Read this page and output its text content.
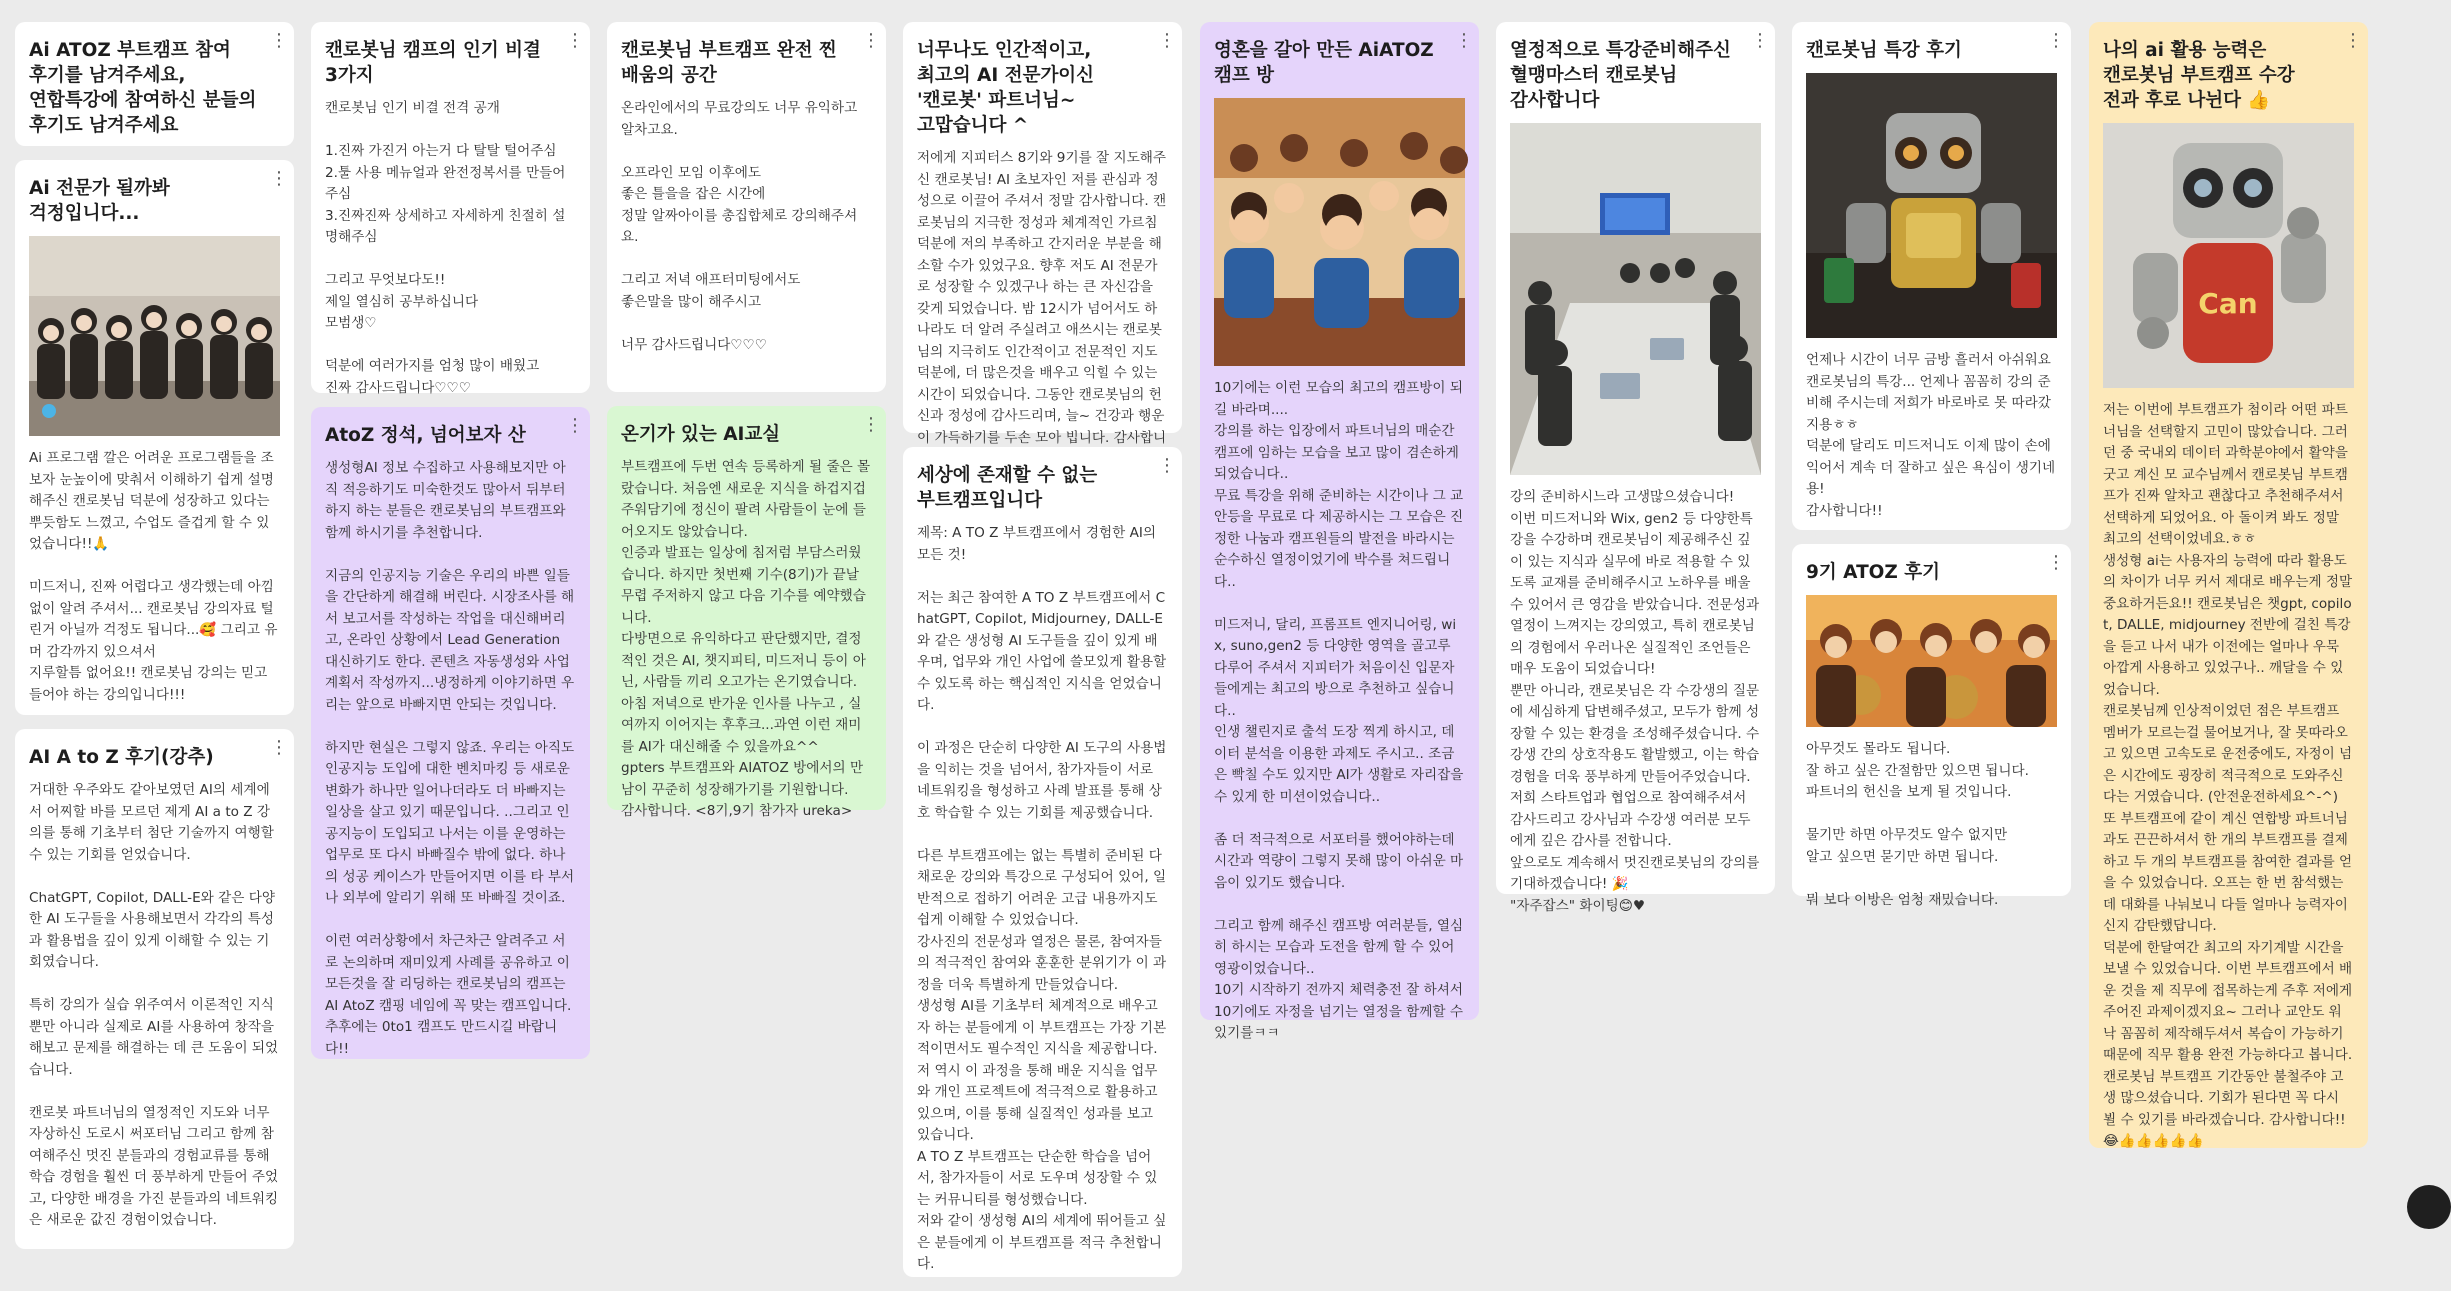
⋮
Ai ATOZ 부트캠프 참여 후기를 남겨주세요, 연합특강에 참여하신 분들의 후기도 남겨주세요
⋮
Ai 전문가 될까봐 걱정입니다...

Ai 프로그램 깔은 어려운 프로그램들을 조보자 눈높이에 맞춰서 이해하기 쉽게 설명해주신 캔로봇님 덕분에 성장하고 있다는 뿌듯함도 느꼈고, 수업도 즐겁게 할 수 있었습니다!!🙏

미드저니, 진짜 어렵다고 생각했는데 아낌없이 알려 주셔서... 캔로봇님 강의자료 털린거 아닐까 걱정도 됩니다...🥰 그리고 유머 감각까지 있으셔서
지루할틈 없어요!! 캔로봇님 강의는 믿고 들어야 하는 강의입니다!!!

⋮
AI A to Z 후기(강추)

거대한 우주와도 같아보였던 AI의 세계에서 어찌할 바를 모르던 제게 AI a to Z 강의를 통해 기초부터 첨단 기술까지 여행할 수 있는 기회를 얻었습니다.

ChatGPT, Copilot, DALL-E와 같은 다양한 AI 도구들을 사용해보면서 각각의 특성과 활용법을 깊이 있게 이해할 수 있는 기회였습니다.

특히 강의가 실습 위주여서 이론적인 지식뿐만 아니라 실제로 AI를 사용하여 창작을 해보고 문제를 해결하는 데 큰 도움이 되었습니다.

캔로봇 파트너님의 열정적인 지도와 너무 자상하신 도로시 써포터님 그리고 함께 참여해주신 멋진 분들과의 경험교류를 통해 학습 경험을 훨씬 더 풍부하게 만들어 주었고, 다양한 배경을 가진 분들과의 네트워킹은 새로운 값진 경험이었습니다.

⋮
캔로봇님 캠프의 인기 비결 3가지

캔로봇님 인기 비결 전격 공개

1.진짜 가진거 아는거 다 탈탈 털어주심
2.툴 사용 메뉴얼과 완전정복서를 만들어주심
3.진짜진짜 상세하고 자세하게 친절히 설명해주심

그리고 무엇보다도!!
제일 열심히 공부하십니다
모범생♡

덕분에 여러가지를 엄청 많이 배웠고
진짜 감사드립니다♡♡♡

⋮
AtoZ 정석, 넘어보자 산

생성형AI 정보 수집하고 사용해보지만 아직 적응하기도 미숙한것도 많아서 뒤부터 하지 하는 분들은 캔로봇님의 부트캠프와 함께 하시기를 추천합니다.

지금의 인공지능 기술은 우리의 바쁜 일들을 간단하게 해결해 버린다. 시장조사를 해서 보고서를 작성하는 작업을 대신해버리고, 온라인 상황에서 Lead Generation 대신하기도 한다. 콘텐츠 자동생성와 사업계획서 작성까지...냉정하게 이야기하면 우리는 앞으로 바빠지면 안되는 것입니다.

하지만 현실은 그렇지 않죠. 우리는 아직도 인공지능 도입에 대한 벤치마킹 등 새로운 변화가 하나만 일어나더라도 더 바빠지는 일상을 살고 있기 때문입니다. ..그리고 인공지능이 도입되고 나서는 이를 운영하는 업무로 또 다시 바빠질수 밖에 없다. 하나의 성공 케이스가 만들어지면 이를 타 부서나 외부에 알리기 위해 또 바빠질 것이죠.

이런 여러상황에서 차근차근 알려주고 서로 논의하며 재미있게 사례를 공유하고 이 모든것을 잘 리딩하는 캔로봇님의 캠프는 AI AtoZ 캠핑 네임에 꼭 맞는 캠프입니다. 추후에는 0to1 캠프도 만드시길 바랍니다!!

⋮
캔로봇님 부트캠프 완전 찐 배움의 공간

온라인에서의 무료강의도 너무 유익하고 알차고요.

오프라인 모임 이후에도
좋은 틀을을 잡은 시간에
정말 알짜아이를 총집합체로 강의해주셔요.

그리고 저녁 애프터미팅에서도
좋은말을 많이 해주시고

너무 감사드립니다♡♡♡

⋮
온기가 있는 AI교실

부트캠프에 두번 연속 등록하게 될 줄은 몰랐습니다. 처음엔 새로운 지식을 하겁지겁 주워담기에 정신이 팔려 사람들이 눈에 들어오지도 않았습니다.
인증과 발표는 일상에 침저럼 부담스러웠습니다. 하지만 첫번째 기수(8기)가 끝날 무렵 주저하지 않고 다음 기수를 예약했습니다.
다방면으로 유익하다고 판단했지만, 결정적인 것은 AI, 챗지피티, 미드저니 등이 아닌, 사람들 끼리 오고가는 온기였습니다.
아침 저녁으로 반가운 인사를 나누고 , 실여까지 이어지는 후후크...과연 이런 재미를 AI가 대신해줄 수 있을까요^^
gpters 부트캠프와 AIATOZ 방에서의 만남이 꾸준히 성장해가기를 기원합니다.
감사합니다. <8기,9기 참가자 ureka>

⋮
너무나도 인간적이고, 최고의 AI 전문가이신 '캔로봇' 파트너님~ 고맙습니다 ^

저에게 지피터스 8기와 9기를 잘 지도해주신 캔로봇님! AI 초보자인 저를 관심과 정성으로 이끌어 주셔서 정말 감사합니다. 캔로봇님의 지극한 정성과 체계적인 가르침 덕분에 저의 부족하고 간지러운 부분을 해소할 수가 있었구요. 향후 저도 AI 전문가로 성장할 수 있겠구나 하는 큰 자신감을 갖게 되었습니다. 밤 12시가 넘어서도 하나라도 더 알려 주실려고 애쓰시는 캔로봇님의 지극히도 인간적이고 전문적인 지도 덕분에, 더 많은것을 배우고 익힐 수 있는 시간이 되었습니다. 그동안 캔로봇님의 헌신과 정성에 감사드리며, 늘~ 건강과 행운이 가득하기를 두손 모아 빕니다. 감사합니

⋮
세상에 존재할 수 없는 부트캠프입니다

제목: A TO Z 부트캠프에서 경험한 AI의 모든 것!

저는 최근 참여한 A TO Z 부트캠프에서 ChatGPT, Copilot, Midjourney, DALL-E와 같은 생성형 AI 도구들을 깊이 있게 배우며, 업무와 개인 사업에 쓸모있게 활용할 수 있도록 하는 핵심적인 지식을 얻었습니다.

이 과정은 단순히 다양한 AI 도구의 사용법을 익히는 것을 넘어서, 참가자들이 서로 네트워킹을 형성하고 사례 발표를 통해 상호 학습할 수 있는 기회를 제공했습니다.

다른 부트캠프에는 없는 특별히 준비된 다채로운 강의와 특강으로 구성되어 있어, 일반적으로 접하기 어려운 고급 내용까지도 쉽게 이해할 수 있었습니다.
강사진의 전문성과 열정은 물론, 참여자들의 적극적인 참여와 훈훈한 분위기가 이 과정을 더욱 특별하게 만들었습니다.
생성형 AI를 기초부터 체계적으로 배우고자 하는 분들에게 이 부트캠프는 가장 기본적이면서도 필수적인 지식을 제공합니다.
저 역시 이 과정을 통해 배운 지식을 업무와 개인 프로젝트에 적극적으로 활용하고 있으며, 이를 통해 실질적인 성과를 보고 있습니다.
A TO Z 부트캠프는 단순한 학습을 넘어서, 참가자들이 서로 도우며 성장할 수 있는 커뮤니티를 형성했습니다.
저와 같이 생성형 AI의 세계에 뛰어들고 싶은 분들에게 이 부트캠프를 적극 추천합니다.

⋮
영혼을 갈아 만든 AiATOZ 캠프 방

10기에는 이런 모습의 최고의 캠프방이 되길 바라며....
강의를 하는 입장에서 파트너님의 매순간 캠프에 임하는 모습을 보고 많이 겸손하게 되었습니다..
무료 특강을 위해 준비하는 시간이나 그 교안등을 무료로 다 제공하시는 그 모습은 진정한 나눔과 캠프원들의 발전을 바라시는 순수하신 열정이었기에 박수를 쳐드립니다..

미드저니, 달리, 프롬프트 엔지니어링, wix, suno,gen2 등 다양한 영역을 골고루 다루어 주셔서 지피터가 처음이신 입문자들에게는 최고의 방으로 추천하고 싶습니다..
인생 챌린지로 출석 도장 찍게 하시고, 데이터 분석을 이용한 과제도 주시고.. 조금은 빡칠 수도 있지만 AI가 생활로 자리잡을 수 있게 한 미션이었습니다..

좀 더 적극적으로 서포터를 했어야하는데 시간과 역량이 그렇지 못해 많이 아쉬운 마음이 있기도 했습니다.

그리고 함께 해주신 캠프방 여러분들, 열심히 하시는 모습과 도전을 함께 할 수 있어 영광이었습니다..
10기 시작하기 전까지 체력충전 잘 하셔서 10기에도 자정을 넘기는 열정을 함께할 수 있기를ㅋㅋ

⋮
열정적으로 특강준비해주신 혈맹마스터 캔로봇님 감사합니다

강의 준비하시느라 고생많으셨습니다!
이번 미드저니와 Wix, gen2 등 다양한특강을 수강하며 캔로봇님이 제공해주신 깊이 있는 지식과 실무에 바로 적용할 수 있도록 교재를 준비해주시고 노하우를 배울 수 있어서 큰 영감을 받았습니다. 전문성과 열정이 느껴지는 강의였고, 특히 캔로봇님의 경험에서 우러나온 실질적인 조언들은 매우 도움이 되었습니다!
뿐만 아니라, 캔로봇님은 각 수강생의 질문에 세심하게 답변해주셨고, 모두가 함께 성장할 수 있는 환경을 조성해주셨습니다. 수강생 간의 상호작용도 활발했고, 이는 학습 경험을 더욱 풍부하게 만들어주었습니다.
저희 스타트업과 협업으로 참여해주셔서 감사드리고 강사님과 수강생 여러분 모두에게 깊은 감사를 전합니다.
앞으로도 계속해서 멋진캔로봇님의 강의를 기대하겠습니다! 🎉
"자주잡스" 화이팅😊♥

⋮
캔로봇님 특강 후기

언제나 시간이 너무 금방 흘러서 아쉬워요 캔로봇님의 특강... 언제나 꼼꼼히 강의 준비해 주시는데 저희가 바로바로 못 따라갔지용ㅎㅎ
덕분에 달리도 미드저니도 이제 많이 손에 익어서 계속 더 잘하고 싶은 욕심이 생기네용!
감사합니다!!

⋮
9기 ATOZ 후기

아무것도 몰라도 됩니다.
잘 하고 싶은 간절함만 있으면 됩니다.
파트너의 헌신을 보게 될 것입니다.

물기만 하면 아무것도 알수 없지만
알고 싶으면 묻기만 하면 됩니다.

뭐 보다 이방은 엄청 재밌습니다.

⋮
나의 ai 활용 능력은 캔로봇님 부트캠프 수강 전과 후로 나뉜다 👍
Can

저는 이번에 부트캠프가 첨이라 어떤 파트너님을 선택할지 고민이 많았습니다. 그러던 중 국내외 데이터 과학분야에서 활약을 굿고 계신 모 교수님께서 캔로봇님 부트캠프가 진짜 알차고 괜찮다고 추천해주셔서 선택하게 되었어요. 아 돌이켜 봐도 정말 최고의 선택이었네요.ㅎㅎ
생성형 ai는 사용자의 능력에 따라 활용도의 차이가 너무 커서 제대로 배우는게 정말 중요하거든요!! 캔로봇님은 챗gpt, copilot, DALLE, midjourney 전반에 걸친 특강을 듣고 나서 내가 이전에는 얼마나 우묵 아깝게 사용하고 있었구나.. 깨달을 수 있었습니다.
캔로봇님께 인상적이었던 점은 부트캠프 멤버가 모르는걸 물어보거나, 잘 못따라오고 있으면 고속도로 운전중에도, 자정이 넘은 시간에도 굉장히 적극적으로 도와주신다는 거였습니다. (안전운전하세요^-^)
또 부트캠프에 같이 계신 연합방 파트너님과도 끈끈하셔서 한 개의 부트캠프를 결제하고 두 개의 부트캠프를 참여한 결과를 얻을 수 있었습니다. 오프는 한 번 참석했는데 대화를 나눠보니 다들 얼마나 능력자이신지 감탄했답니다.
덕분에 한달여간 최고의 자기계발 시간을 보낼 수 있었습니다. 이번 부트캠프에서 배운 것을 제 직무에 접목하는게 주후 저에게 주어진 과제이겠지요~ 그러나 교안도 워낙 꼼꼼히 제작해두셔서 복습이 가능하기 때문에 직무 활용 완전 가능하다고 봅니다.
캔로봇님 부트캠프 기간동안 불철주야 고생 많으셨습니다. 기회가 된다면 꼭 다시 뵐 수 있기를 바라겠습니다. 감사합니다!!
😂👍👍👍👍👍
